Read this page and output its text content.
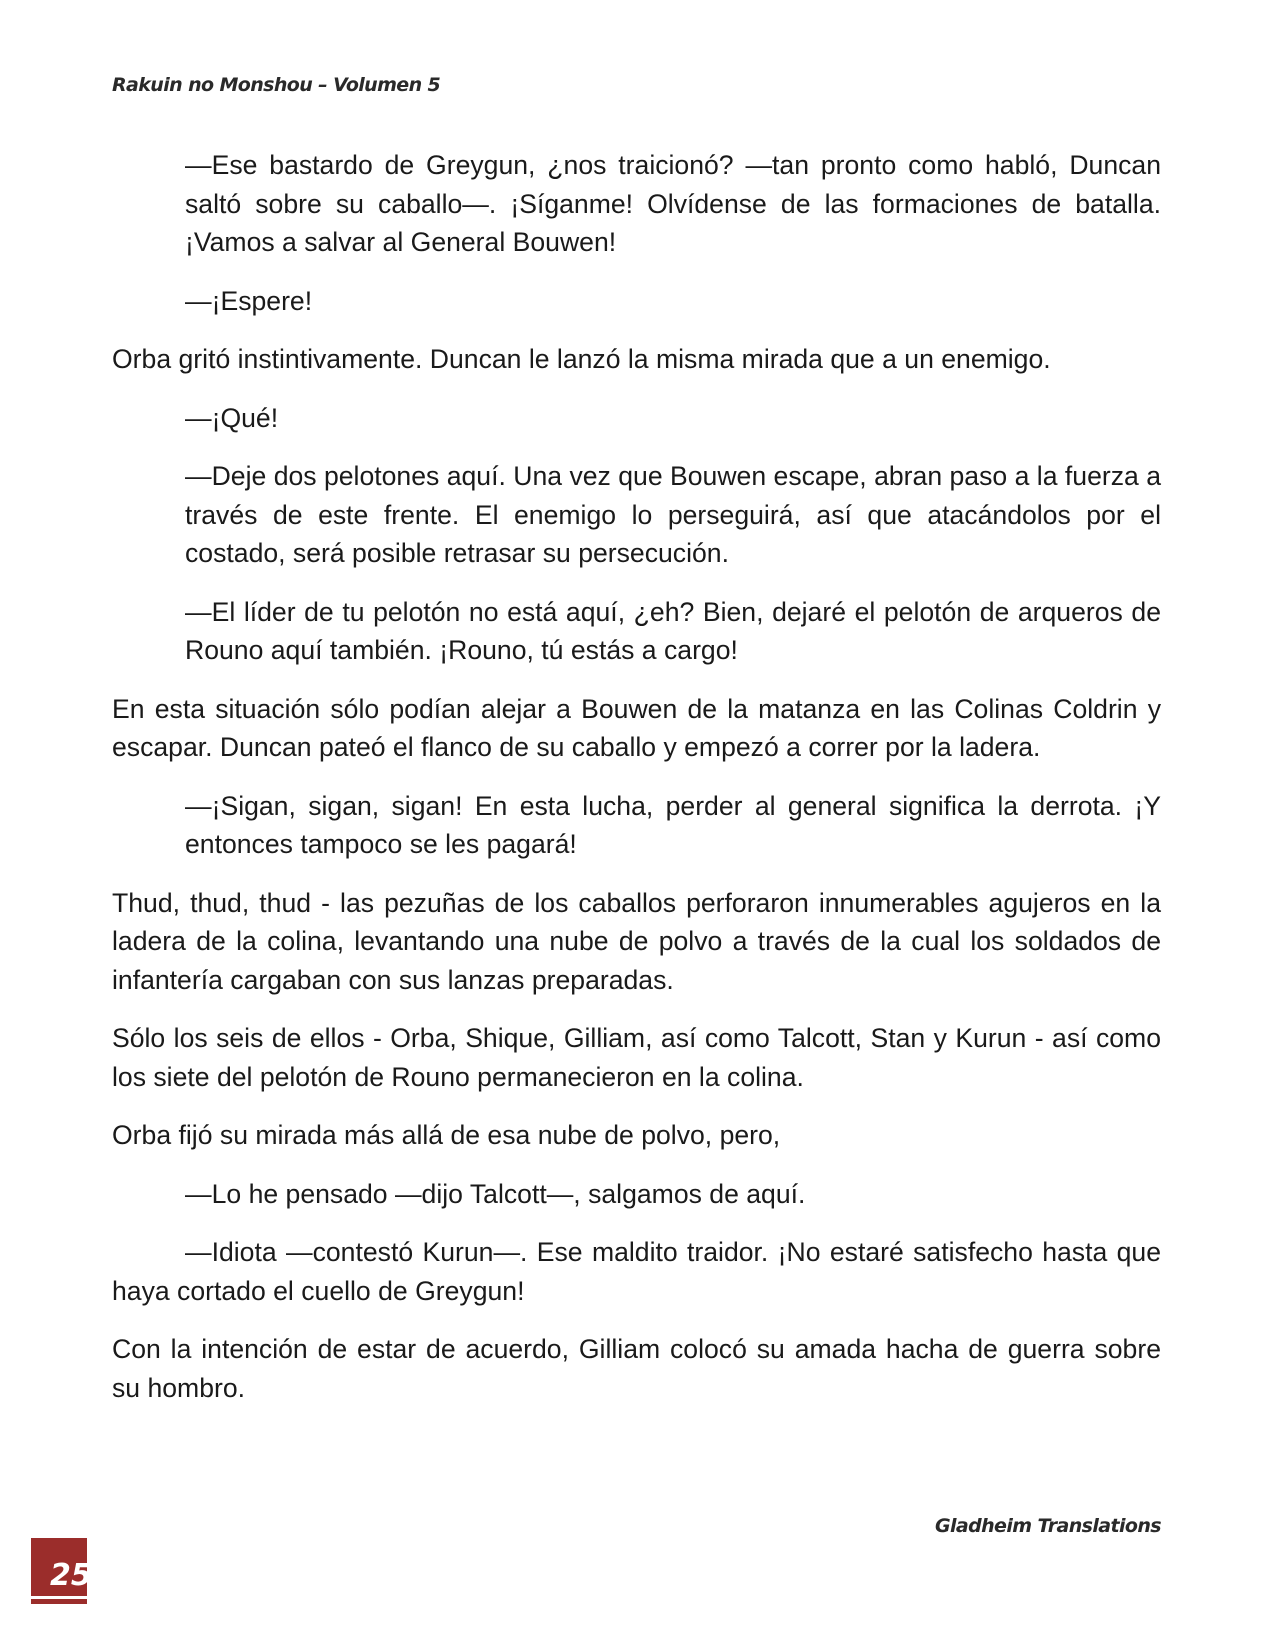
Rakuin no Monshou – Volumen 5

—Ese bastardo de Greygun, ¿nos traicionó? —tan pronto como habló, Duncan saltó sobre su caballo—. ¡Síganme! Olvídense de las formaciones de batalla. ¡Vamos a salvar al General Bouwen!

—¡Espere!

Orba gritó instintivamente. Duncan le lanzó la misma mirada que a un enemigo.

—¡Qué!

—Deje dos pelotones aquí. Una vez que Bouwen escape, abran paso a la fuerza a través de este frente. El enemigo lo perseguirá, así que atacándolos por el costado, será posible retrasar su persecución.

—El líder de tu pelotón no está aquí, ¿eh? Bien, dejaré el pelotón de arqueros de Rouno aquí también. ¡Rouno, tú estás a cargo!

En esta situación sólo podían alejar a Bouwen de la matanza en las Colinas Coldrin y escapar. Duncan pateó el flanco de su caballo y empezó a correr por la ladera.

—¡Sigan, sigan, sigan! En esta lucha, perder al general significa la derrota. ¡Y entonces tampoco se les pagará!

Thud, thud, thud - las pezuñas de los caballos perforaron innumerables agujeros en la ladera de la colina, levantando una nube de polvo a través de la cual los soldados de infantería cargaban con sus lanzas preparadas.

Sólo los seis de ellos - Orba, Shique, Gilliam, así como Talcott, Stan y Kurun - así como los siete del pelotón de Rouno permanecieron en la colina.

Orba fijó su mirada más allá de esa nube de polvo, pero,

—Lo he pensado —dijo Talcott—, salgamos de aquí.

—Idiota —contestó Kurun—. Ese maldito traidor. ¡No estaré satisfecho hasta que haya cortado el cuello de Greygun!

Con la intención de estar de acuerdo, Gilliam colocó su amada hacha de guerra sobre su hombro.

Gladheim Translations
25
